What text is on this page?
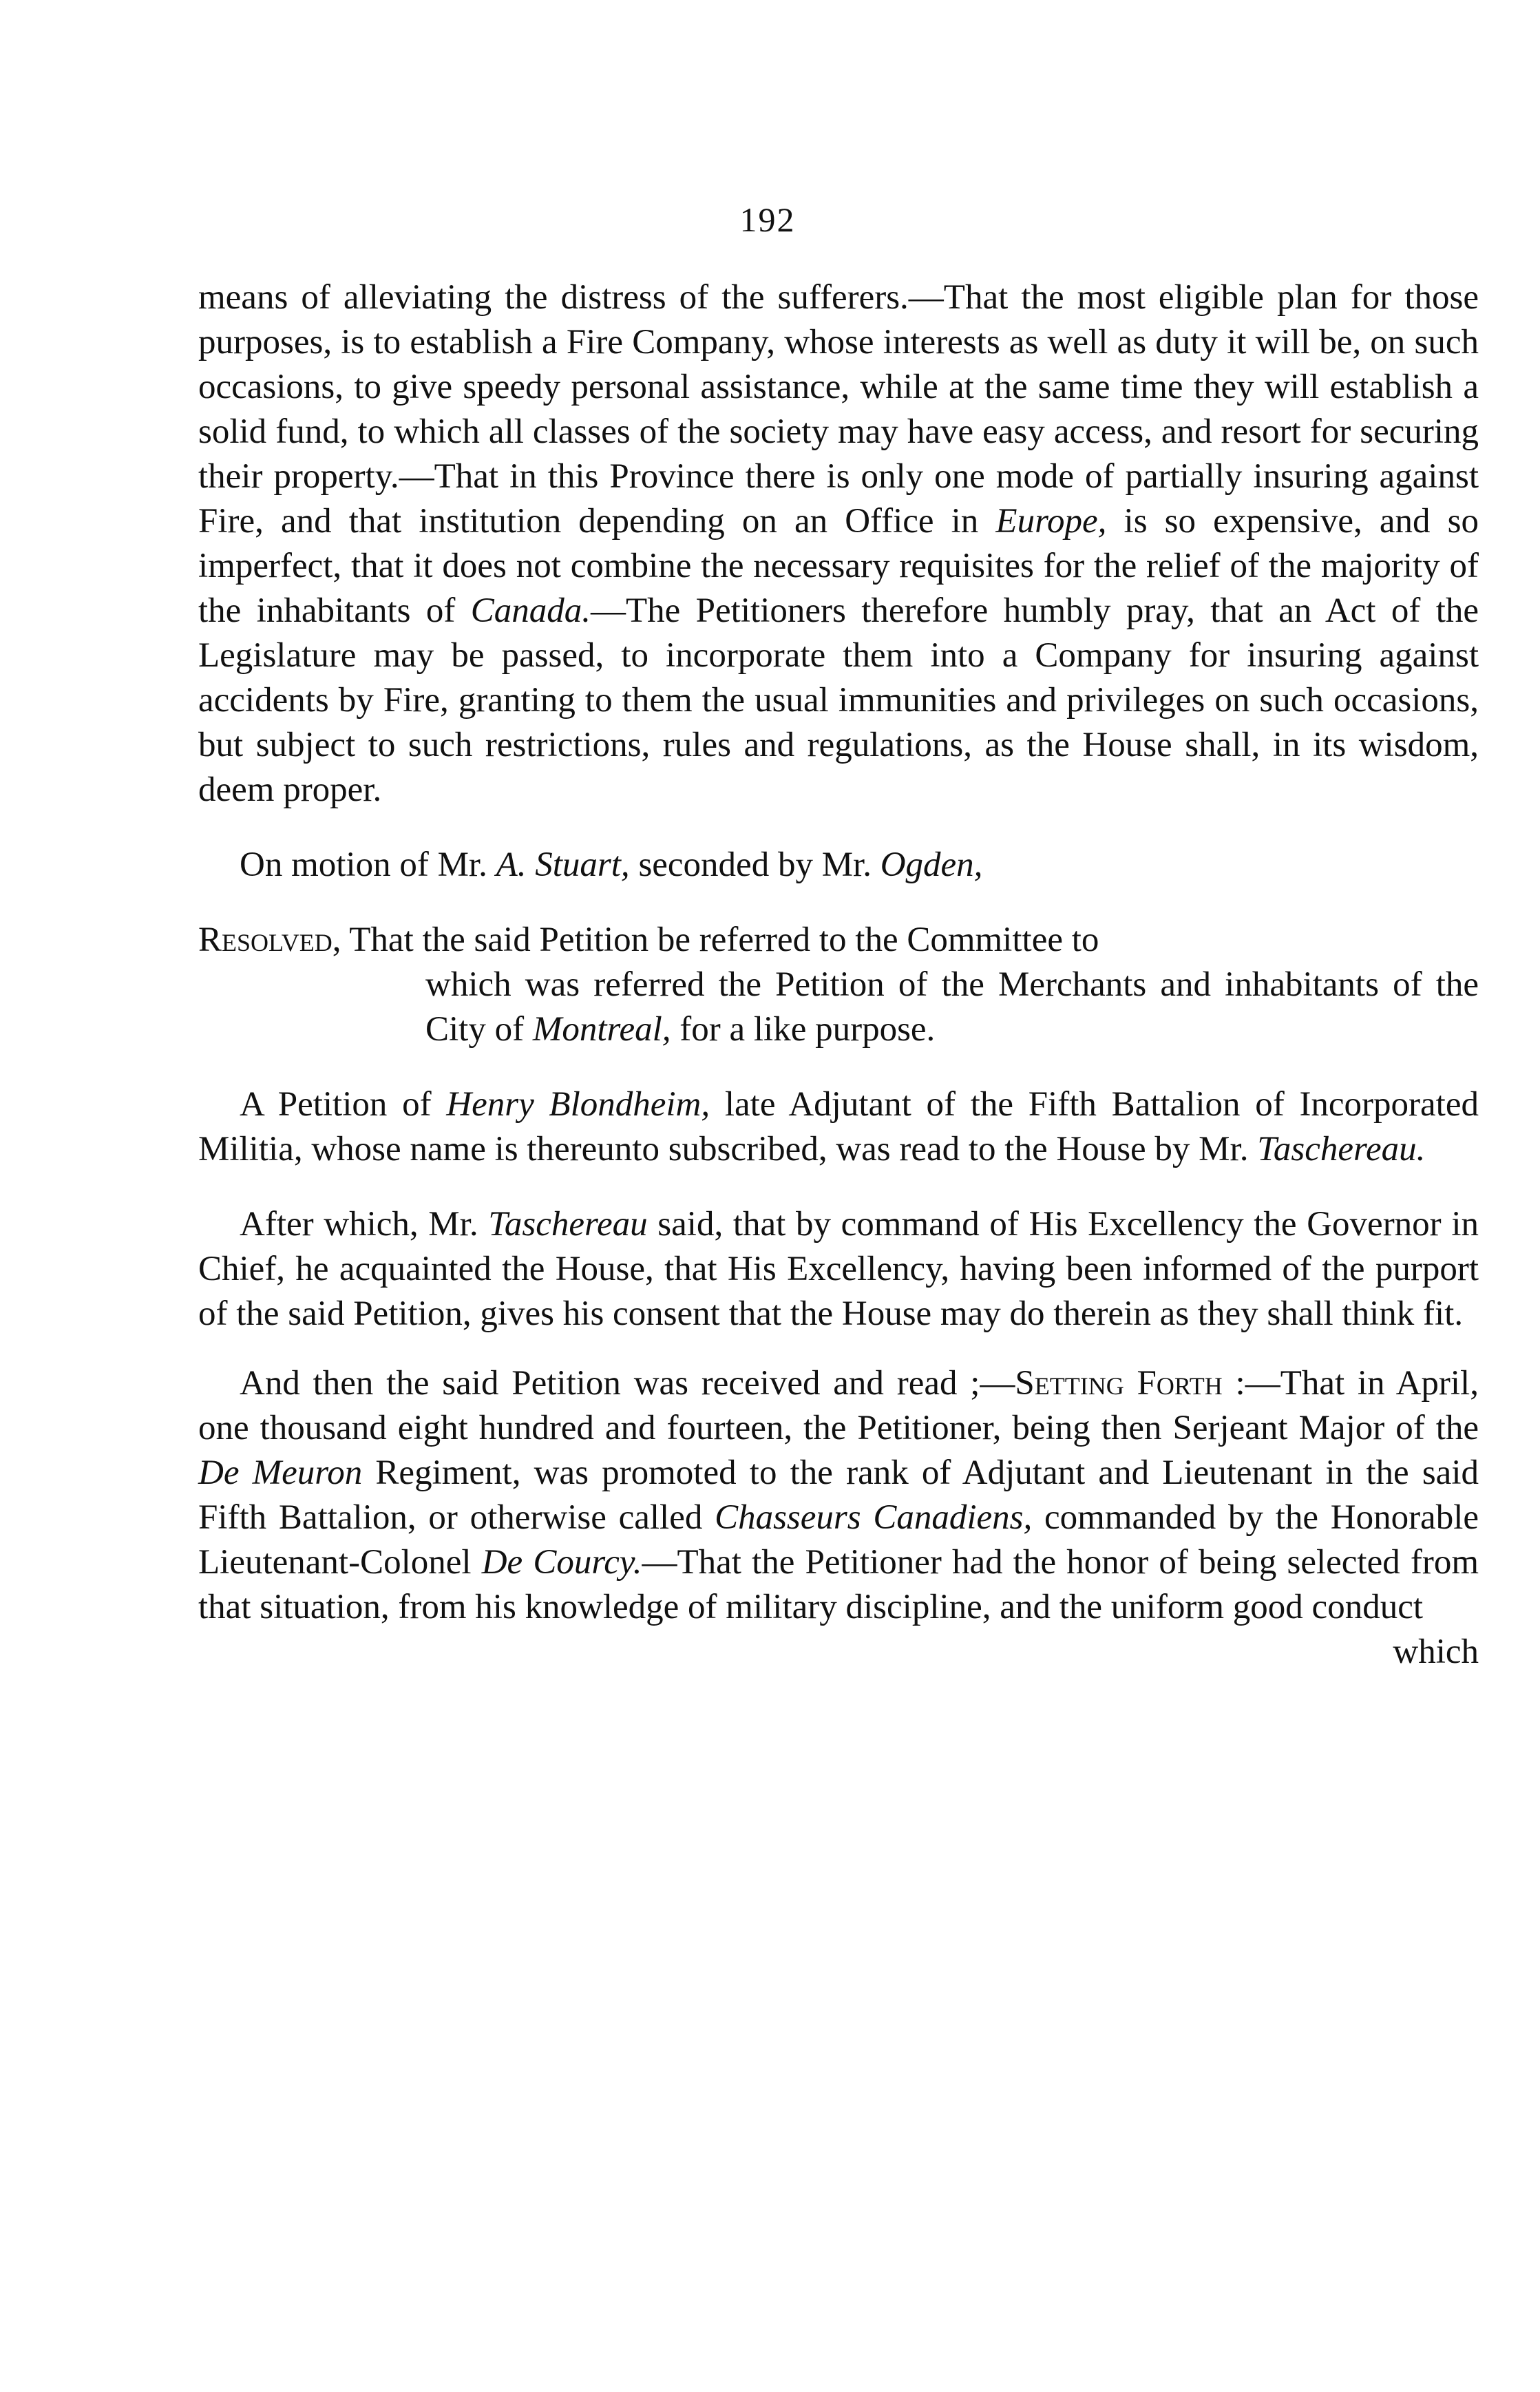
192

means of alleviating the distress of the sufferers.—That the most eligible plan for those purposes, is to establish a Fire Company, whose interests as well as duty it will be, on such occasions, to give speedy personal assistance, while at the same time they will establish a solid fund, to which all classes of the society may have easy access, and resort for securing their property.—That in this Province there is only one mode of partially insuring against Fire, and that institution depending on an Office in Europe, is so expensive, and so imperfect, that it does not combine the necessary requisites for the relief of the majority of the inhabitants of Canada.—The Petitioners therefore humbly pray, that an Act of the Legislature may be passed, to incorporate them into a Company for insuring against accidents by Fire, granting to them the usual immunities and privileges on such occasions, but subject to such restrictions, rules and regulations, as the House shall, in its wisdom, deem proper.

On motion of Mr. A. Stuart, seconded by Mr. Ogden,

Resolved, That the said Petition be referred to the Committee to

which was referred the Petition of the Merchants and inhabitants of the City of Montreal, for a like purpose.

A Petition of Henry Blondheim, late Adjutant of the Fifth Battalion of Incorporated Militia, whose name is thereunto subscribed, was read to the House by Mr. Taschereau.

After which, Mr. Taschereau said, that by command of His Excellency the Governor in Chief, he acquainted the House, that His Excellency, having been informed of the purport of the said Petition, gives his consent that the House may do therein as they shall think fit.

And then the said Petition was received and read ;—Setting Forth :—That in April, one thousand eight hundred and fourteen, the Petitioner, being then Serjeant Major of the De Meuron Regiment, was promoted to the rank of Adjutant and Lieutenant in the said Fifth Battalion, or otherwise called Chasseurs Canadiens, commanded by the Honorable Lieutenant-Colonel De Courcy.—That the Petitioner had the honor of being selected from that situation, from his knowledge of military discipline, and the uniform good conduct

which
